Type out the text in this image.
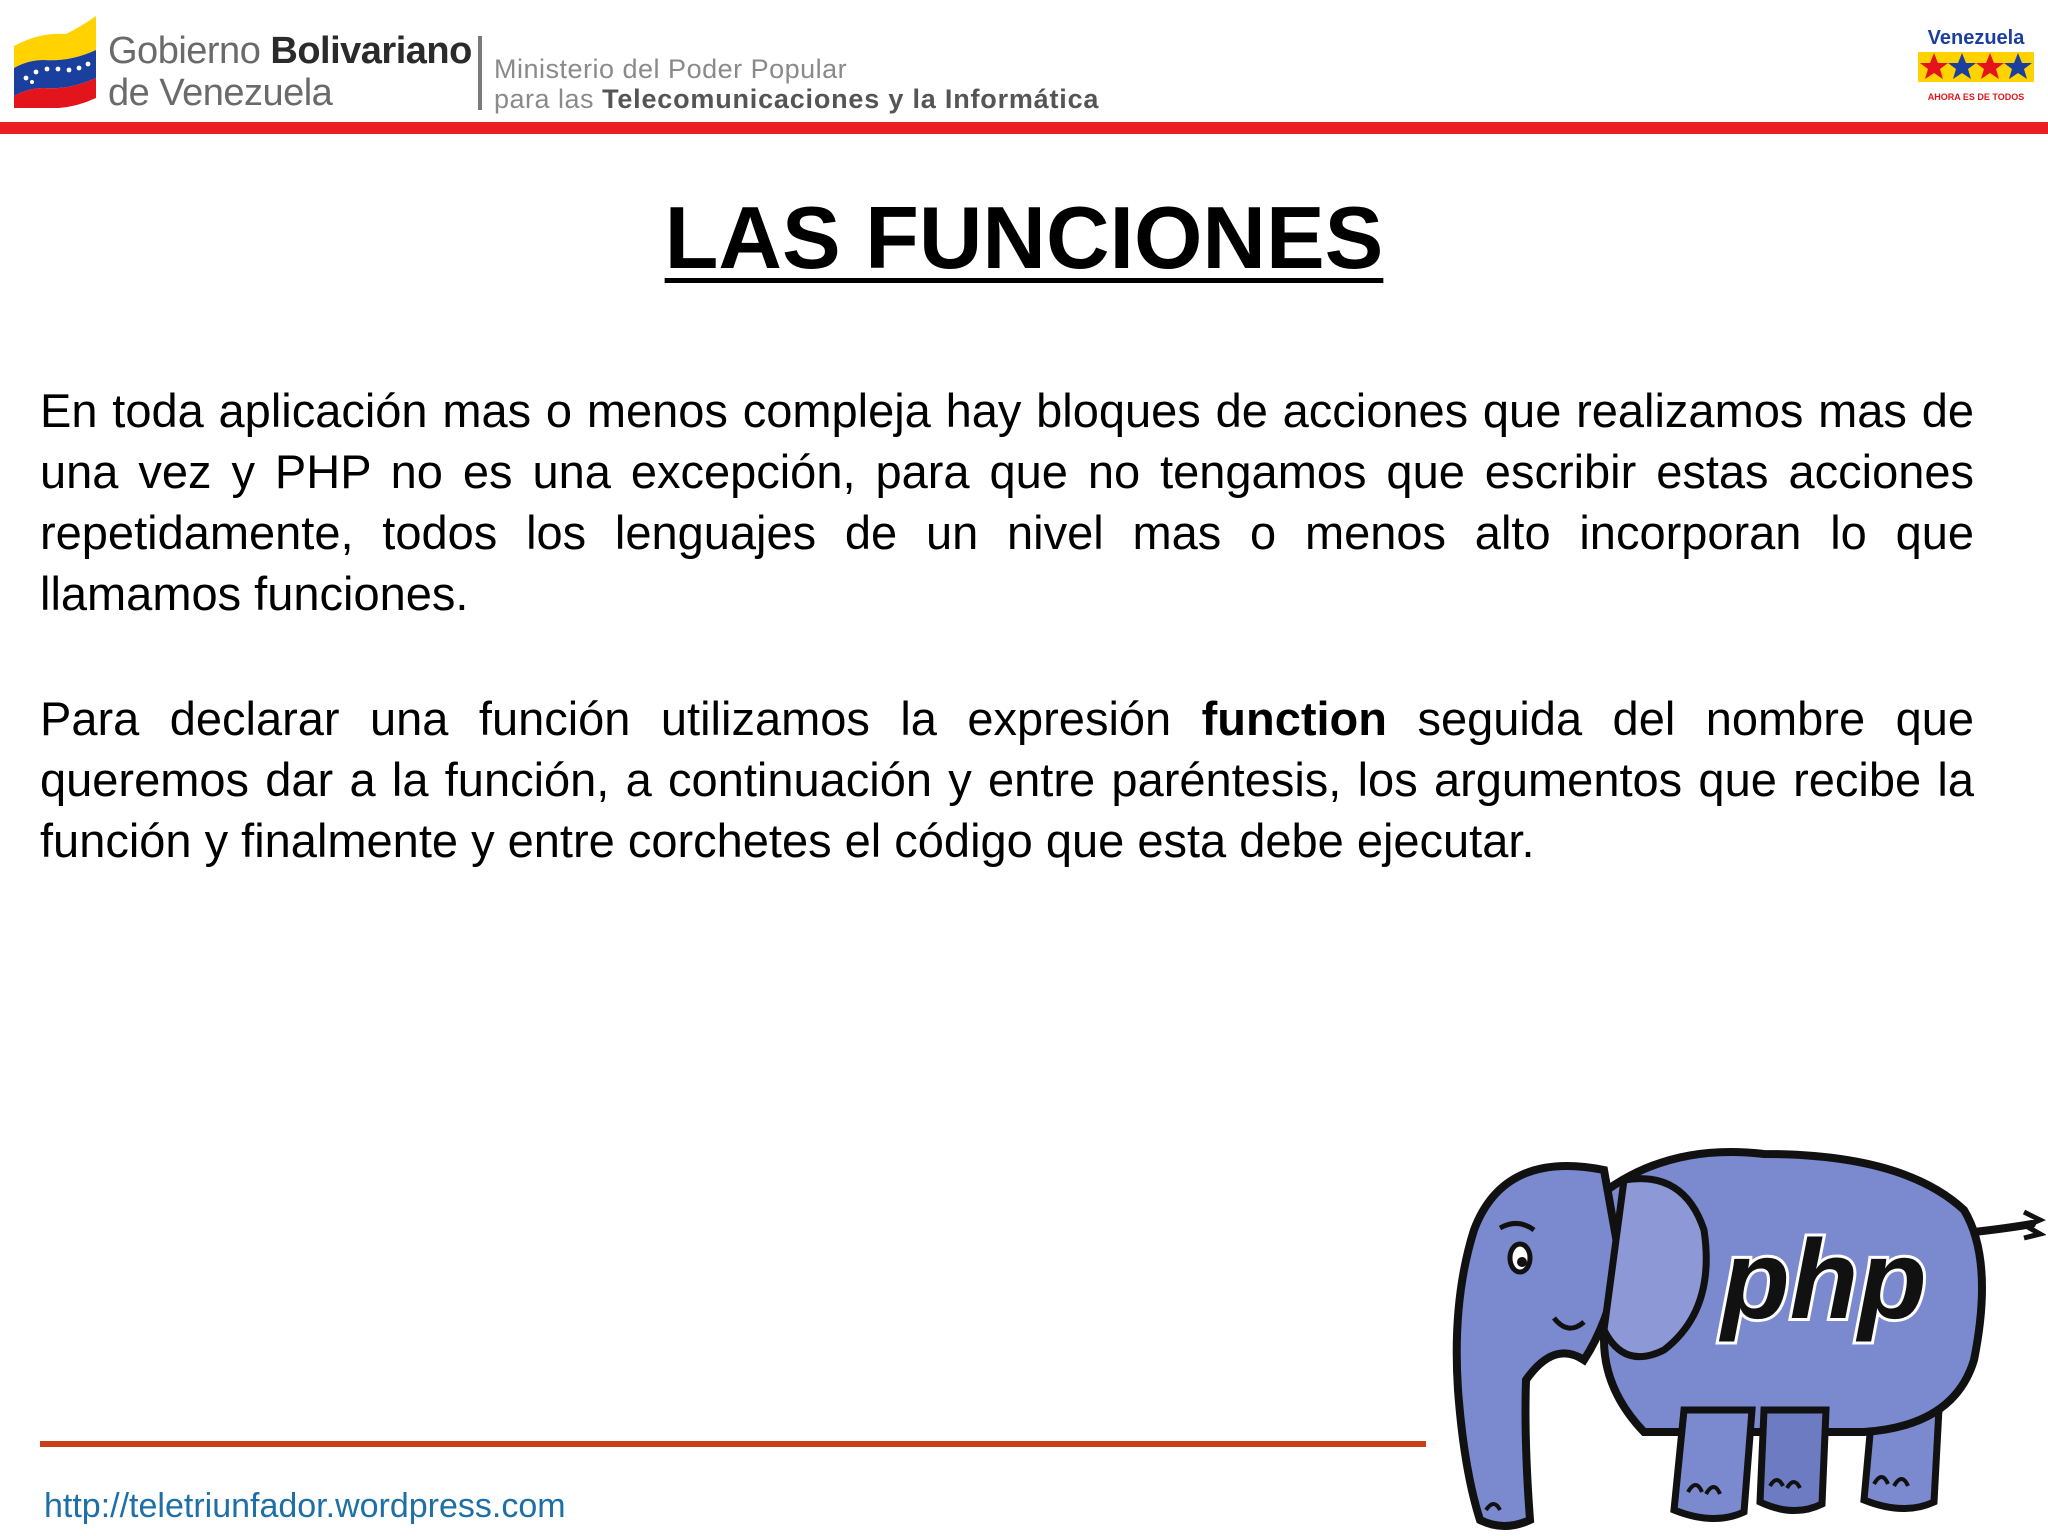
Gobierno Bolivariano
de Venezuela
Ministerio del Poder Popular
para las Telecomunicaciones y la Informática
Venezuela
AHORA ES DE TODOS
LAS FUNCIONES

En toda aplicación mas o menos compleja hay bloques de acciones que realizamos mas de una vez y PHP no es una excepción, para que no tengamos que escribir estas acciones repetidamente, todos los lenguajes de un nivel mas o menos alto incorporan lo que llamamos funciones.

Para declarar una función utilizamos la expresión function seguida del nombre que queremos dar a la función, a continuación y entre paréntesis, los argumentos que recibe la función y finalmente y entre corchetes el código que esta debe ejecutar.

http://teletriunfador.wordpress.com
php
